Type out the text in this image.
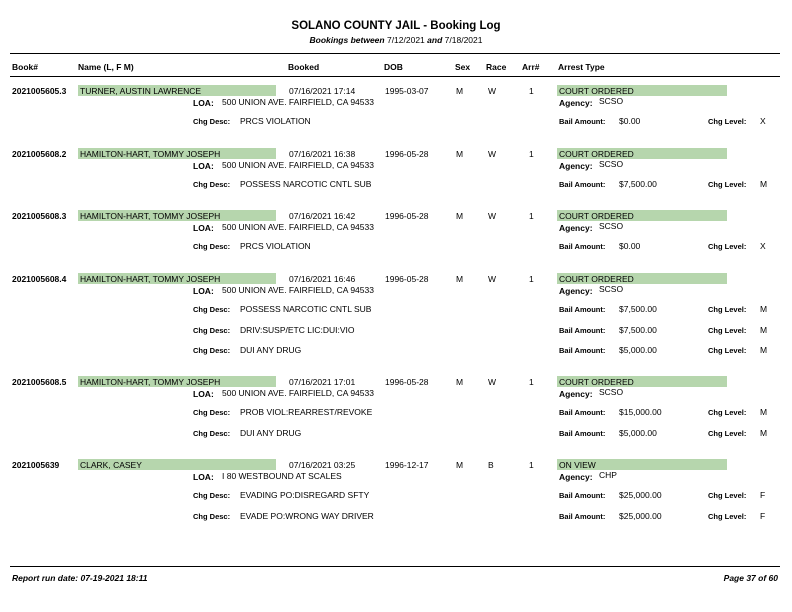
SOLANO COUNTY JAIL - Booking Log
Bookings between 7/12/2021 and 7/18/2021
Book#	Name (L, F M)	Booked	DOB	Sex Race Arr# Arrest Type
2021005605.3 TURNER, AUSTIN LAWRENCE	07/16/2021 17:14	1995-03-07	M	W	1	COURT ORDERED
LOA: 500 UNION AVE. FAIRFIELD, CA 94533	Agency: SCSO
Chg Desc: PRCS VIOLATION	Bail Amount: $0.00	Chg Level: X
2021005608.2 HAMILTON-HART, TOMMY JOSEPH	07/16/2021 16:38	1996-05-28	M	W	1	COURT ORDERED
LOA: 500 UNION AVE. FAIRFIELD, CA 94533	Agency: SCSO
Chg Desc: POSSESS NARCOTIC CNTL SUB	Bail Amount: $7,500.00	Chg Level: M
2021005608.3 HAMILTON-HART, TOMMY JOSEPH	07/16/2021 16:42	1996-05-28	M	W	1	COURT ORDERED
LOA: 500 UNION AVE. FAIRFIELD, CA 94533	Agency: SCSO
Chg Desc: PRCS VIOLATION	Bail Amount: $0.00	Chg Level: X
2021005608.4 HAMILTON-HART, TOMMY JOSEPH	07/16/2021 16:46	1996-05-28	M	W	1	COURT ORDERED
LOA: 500 UNION AVE. FAIRFIELD, CA 94533	Agency: SCSO
Chg Desc: POSSESS NARCOTIC CNTL SUB	Bail Amount: $7,500.00	Chg Level: M
Chg Desc: DRIV:SUSP/ETC LIC:DUI:VIO	Bail Amount: $7,500.00	Chg Level: M
Chg Desc: DUI ANY DRUG	Bail Amount: $5,000.00	Chg Level: M
2021005608.5 HAMILTON-HART, TOMMY JOSEPH	07/16/2021 17:01	1996-05-28	M	W	1	COURT ORDERED
LOA: 500 UNION AVE. FAIRFIELD, CA 94533	Agency: SCSO
Chg Desc: PROB VIOL:REARREST/REVOKE	Bail Amount: $15,000.00	Chg Level: M
Chg Desc: DUI ANY DRUG	Bail Amount: $5,000.00	Chg Level: M
2021005639 CLARK, CASEY	07/16/2021 03:25	1996-12-17	M	B	1	ON VIEW
LOA: I 80 WESTBOUND AT SCALES	Agency: CHP
Chg Desc: EVADING PO:DISREGARD SFTY	Bail Amount: $25,000.00	Chg Level: F
Chg Desc: EVADE PO:WRONG WAY DRIVER	Bail Amount: $25,000.00	Chg Level: F
Report run date: 07-19-2021 18:11	Page 37 of 60
